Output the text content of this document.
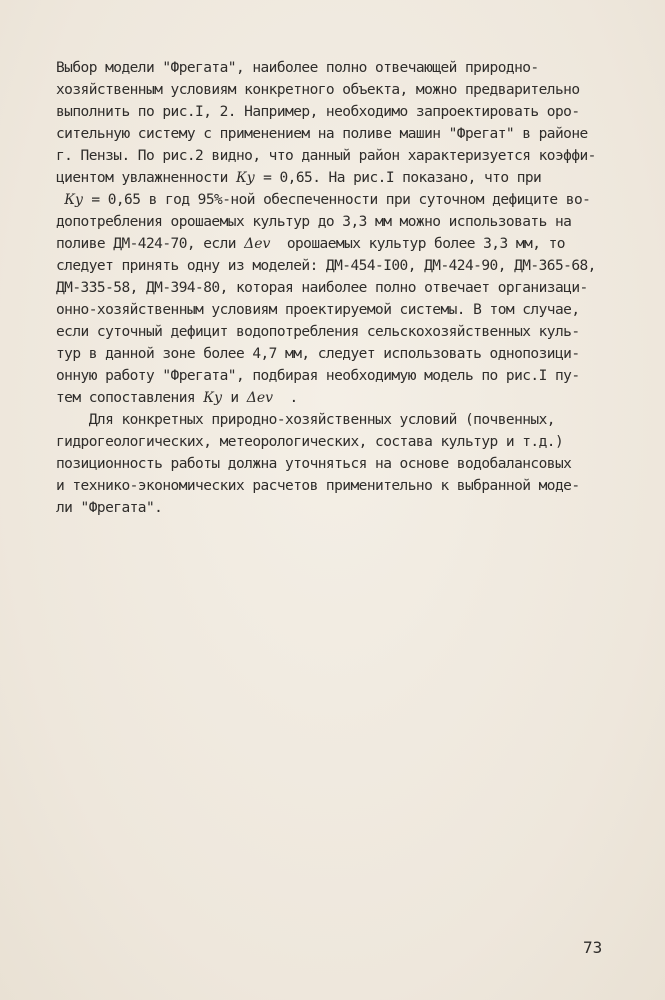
Выбор модели "Фрегата", наиболее полно отвечающей природно-
хозяйственным условиям конкретного объекта, можно предварительно
выполнить по рис.I, 2. Например, необходимо запроектировать оро-
сительную систему с применением на поливе машин "Фрегат" в районе
г. Пензы. По рис.2 видно, что данный район характеризуется коэффи-
циентом увлажненности Ку = 0,65. На рис.I показано, что при
Ку = 0,65 в год 95%-ной обеспеченности при суточном дефиците во-
допотребления орошаемых культур до 3,3 мм можно использовать на
поливе ДМ-424-70, если Δev  орошаемых культур более 3,3 мм, то
следует принять одну из моделей: ДМ-454-I00, ДМ-424-90, ДМ-365-68,
ДМ-335-58, ДМ-394-80, которая наиболее полно отвечает организаци-
онно-хозяйственным условиям проектируемой системы. В том случае,
если суточный дефицит водопотребления сельскохозяйственных куль-
тур в данной зоне более 4,7 мм, следует использовать однопозици-
онную работу "Фрегата", подбирая необходимую модель по рис.I пу-
тем сопоставления Ку и Δev  .
Для конкретных природно-хозяйственных условий (почвенных,
гидрогеологических, метеорологических, состава культур и т.д.)
позиционность работы должна уточняться на основе водобалансовых
и технико-экономических расчетов применительно к выбранной моде-
ли "Фрегата".
73
